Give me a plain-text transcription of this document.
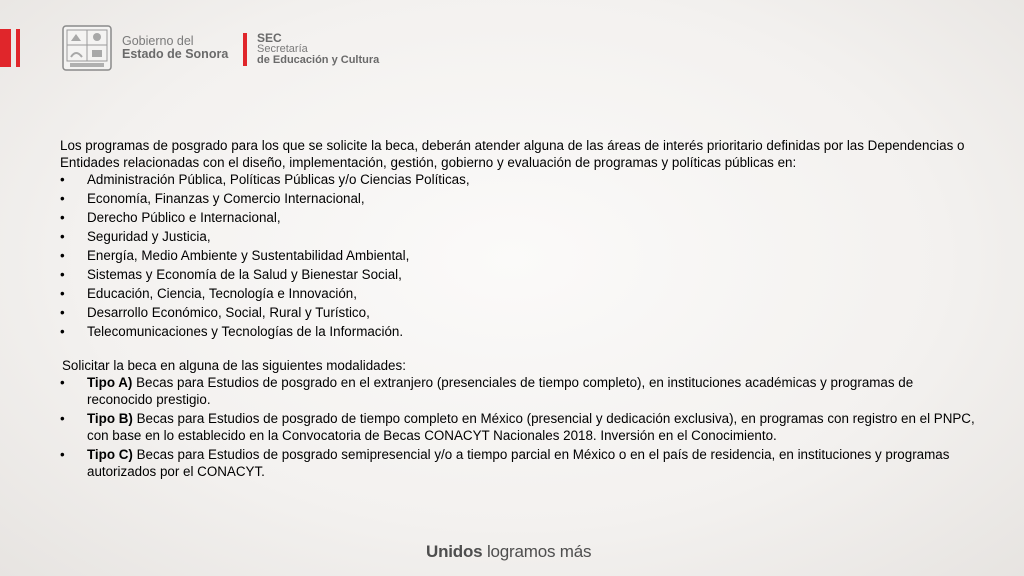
Gobierno del
Estado de Sonora
SEC
Secretaría
de Educación y Cultura

Los programas de posgrado para los que se solicite la beca, deberán atender alguna de las áreas de interés prioritario definidas por las Dependencias o Entidades relacionadas con el diseño, implementación, gestión, gobierno y evaluación de programas y políticas públicas en:

• Administración Pública, Políticas Públicas y/o Ciencias Políticas,
• Economía, Finanzas y Comercio Internacional,
• Derecho Público e Internacional,
• Seguridad y Justicia,
• Energía, Medio Ambiente y Sustentabilidad Ambiental,
• Sistemas y Economía de la Salud y Bienestar Social,
• Educación, Ciencia, Tecnología e Innovación,
• Desarrollo Económico, Social, Rural y Turístico,
• Telecomunicaciones y Tecnologías de la Información.

Solicitar la beca en alguna de las siguientes modalidades:

• Tipo A) Becas para Estudios de posgrado en el extranjero (presenciales de tiempo completo), en instituciones académicas y programas de reconocido prestigio.
• Tipo B) Becas para Estudios de posgrado de tiempo completo en México (presencial y dedicación exclusiva), en programas con registro en el PNPC, con base en lo establecido en la Convocatoria de Becas CONACYT Nacionales 2018. Inversión en el Conocimiento.
• Tipo C) Becas para Estudios de posgrado semipresencial y/o a tiempo parcial en México o en el país de residencia, en instituciones y programas autorizados por el CONACYT.
Unidos logramos más
